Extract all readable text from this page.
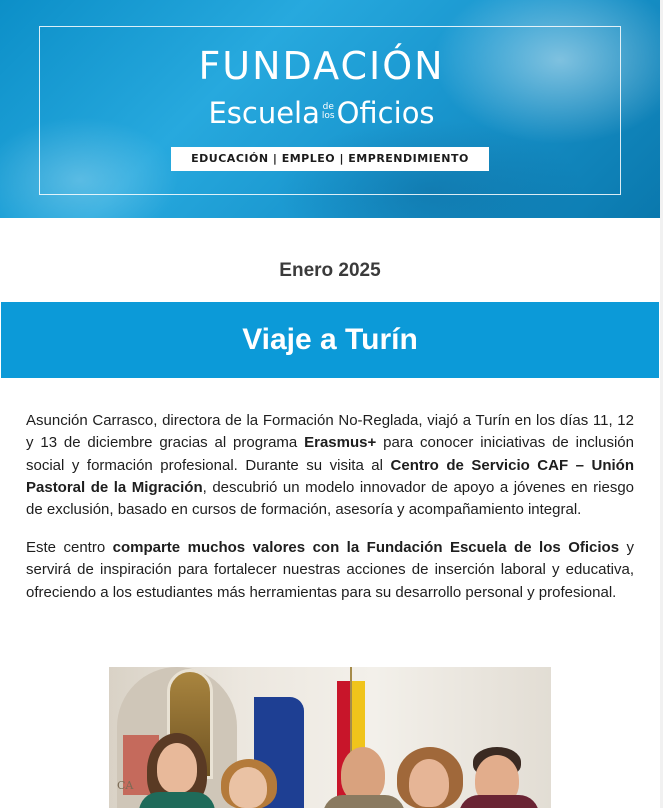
FUNDACIÓN
Escuela de
losOficios
EDUCACIÓN | EMPLEO | EMPRENDIMIENTO
Enero 2025
Viaje a Turín

Asunción Carrasco, directora de la Formación No-Reglada, viajó a Turín en los días 11, 12 y 13 de diciembre gracias al programa Erasmus+ para conocer iniciativas de inclusión social y formación profesional. Durante su visita al Centro de Servicio CAF – Unión Pastoral de la Migración, descubrió un modelo innovador de apoyo a jóvenes en riesgo de exclusión, basado en cursos de formación, asesoría y acompañamiento integral.

Este centro comparte muchos valores con la Fundación Escuela de los Oficios y servirá de inspiración para fortalecer nuestras acciones de inserción laboral y educativa, ofreciendo a los estudiantes más herramientas para su desarrollo personal y profesional.

CA
